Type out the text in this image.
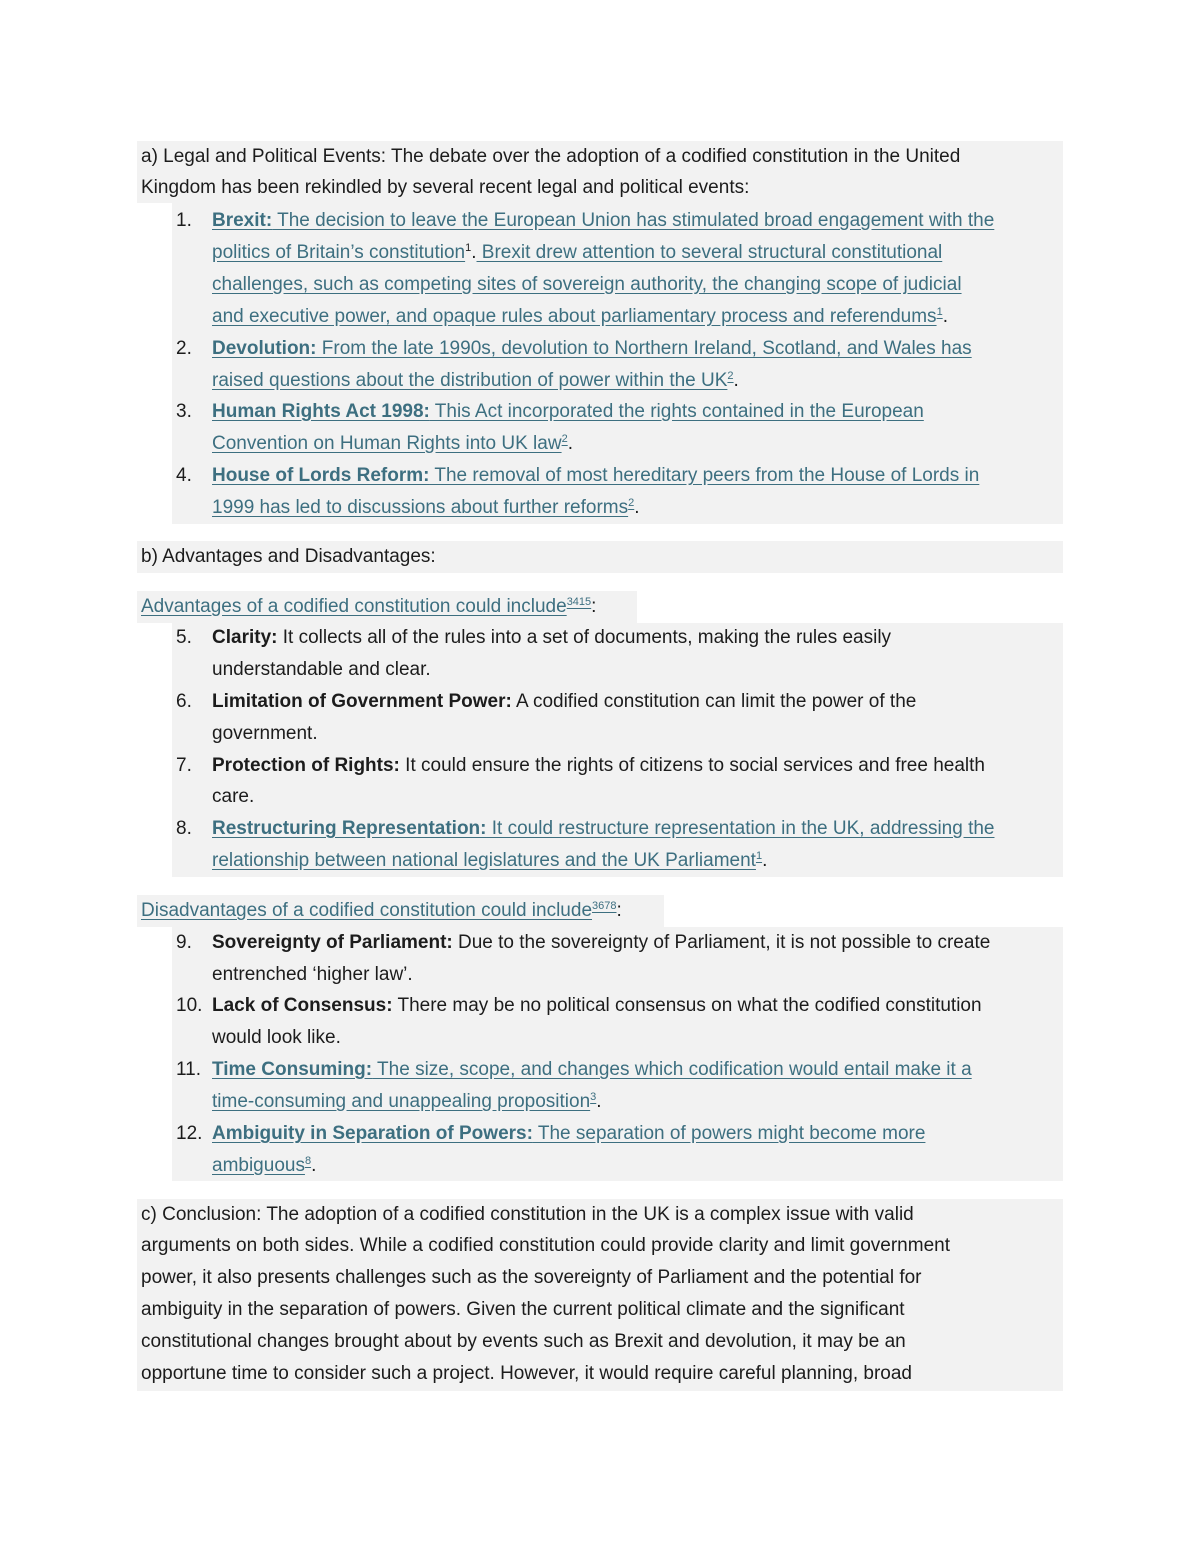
a) Legal and Political Events: The debate over the adoption of a codified constitution in the United
Kingdom has been rekindled by several recent legal and political events:
1. Brexit: The decision to leave the European Union has stimulated broad engagement with the
politics of Britain’s constitution$^1$. Brexit drew attention to several structural constitutional
challenges, such as competing sites of sovereign authority, the changing scope of judicial
and executive power, and opaque rules about parliamentary process and referendums$^1$.
2. Devolution: From the late 1990s, devolution to Northern Ireland, Scotland, and Wales has
raised questions about the distribution of power within the $UK^2$.
3. Human Rights Act 1998: This Act incorporated the rights contained in the European
Convention on Human Rights into UK law$^2$.
4. House of Lords Reform: The removal of most hereditary peers from the House of Lords in
1999 has led to discussions about further reforms$^2$.
b) Advantages and Disadvantages:
Advantages of a codified constitution could include$^{3415}$:
5. Clarity: It collects all of the rules into a set of documents, making the rules easily
understandable and clear.
6. Limitation of Government Power: A codified constitution can limit the power of the
government.
7. Protection of Rights: It could ensure the rights of citizens to social services and free health
care.
8. Restructuring Representation: It could restructure representation in the UK, addressing the
relationship between national legislatures and the UK Parliament$^1$.
Disadvantages of a codified constitution could include$^{3678}$:
9. Sovereignty of Parliament: Due to the sovereignty of Parliament, it is not possible to create
entrenched ‘higher law’.
10. Lack of Consensus: There may be no political consensus on what the codified constitution
would look like.
11. Time Consuming: The size, scope, and changes which codification would entail make it a
time-consuming and unappealing proposition$^3$.
12. Ambiguity in Separation of Powers: The separation of powers might become more
ambiguous$^8$.
c) Conclusion: The adoption of a codified constitution in the UK is a complex issue with valid
arguments on both sides. While a codified constitution could provide clarity and limit government
power, it also presents challenges such as the sovereignty of Parliament and the potential for
ambiguity in the separation of powers. Given the current political climate and the significant
constitutional changes brought about by events such as Brexit and devolution, it may be an
opportune time to consider such a project. However, it would require careful planning, broad
